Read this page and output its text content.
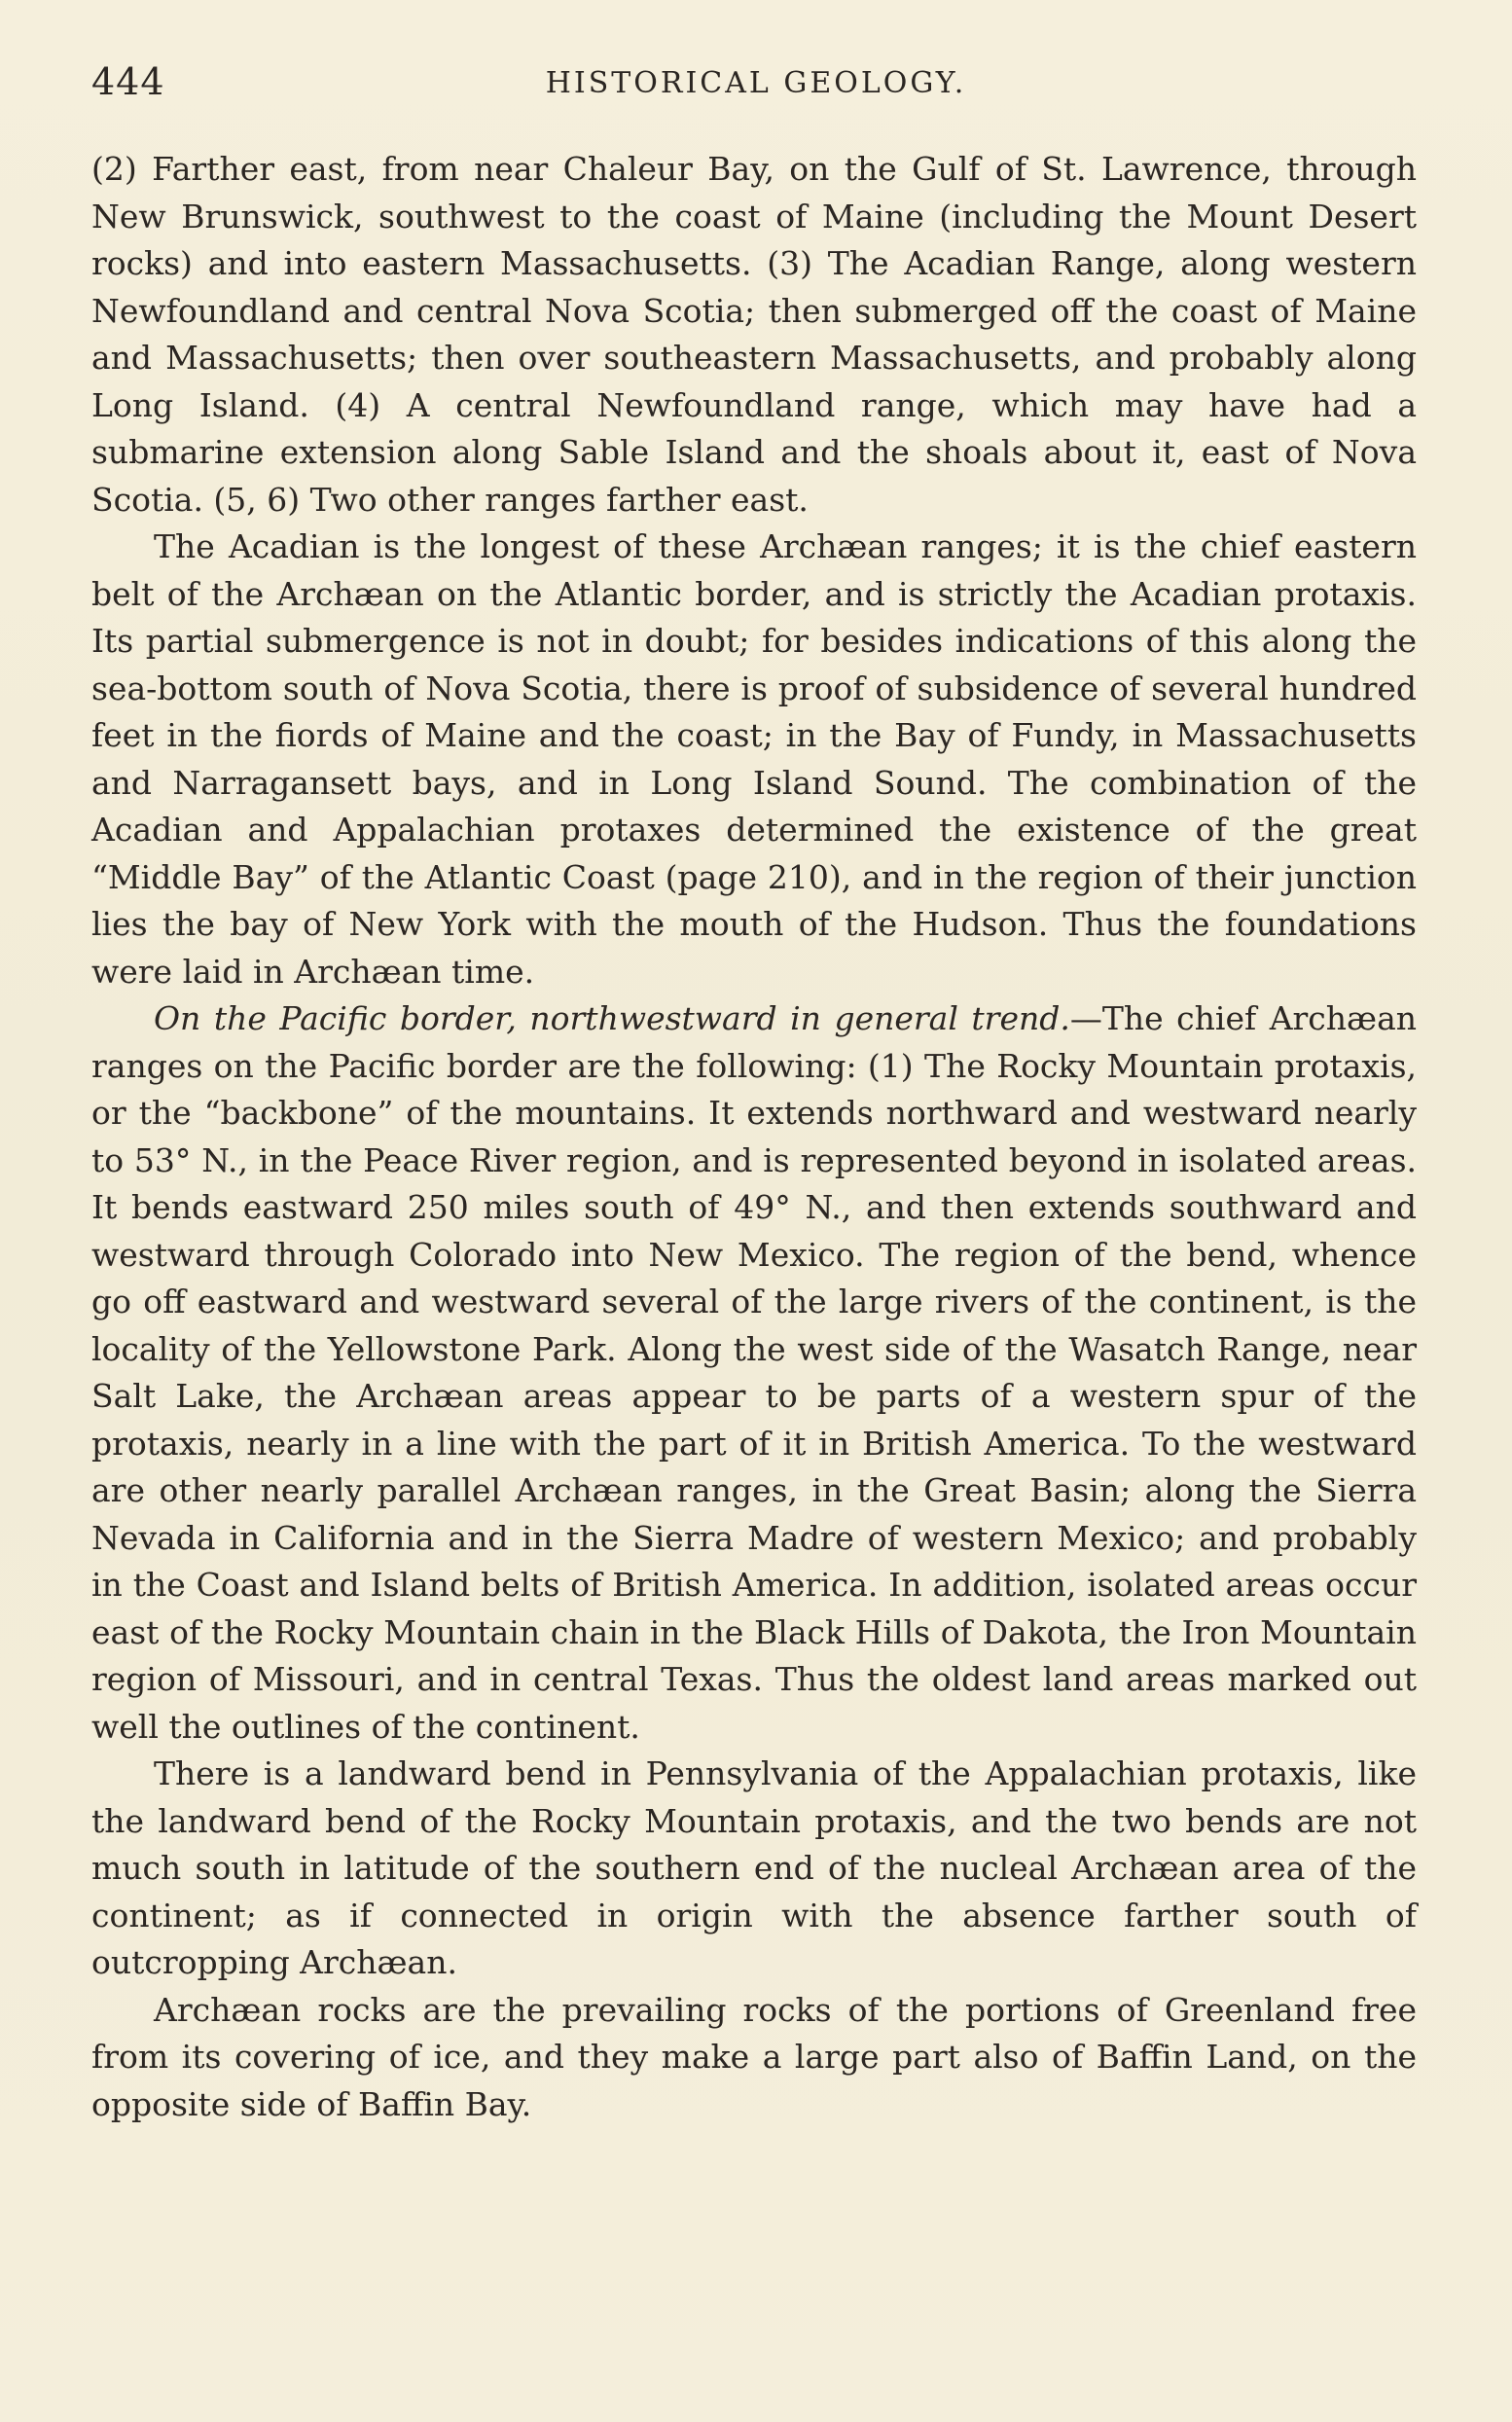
444	HISTORICAL GEOLOGY.

(2) Farther east, from near Chaleur Bay, on the Gulf of St. Lawrence, through New Brunswick, southwest to the coast of Maine (including the Mount Desert rocks) and into eastern Massachusetts. (3) The Acadian Range, along western Newfoundland and central Nova Scotia; then submerged off the coast of Maine and Massachusetts; then over southeastern Massachusetts, and probably along Long Island. (4) A central Newfoundland range, which may have had a submarine extension along Sable Island and the shoals about it, east of Nova Scotia. (5, 6) Two other ranges farther east.

The Acadian is the longest of these Archæan ranges; it is the chief eastern belt of the Archæan on the Atlantic border, and is strictly the Acadian protaxis. Its partial submergence is not in doubt; for besides indications of this along the sea-bottom south of Nova Scotia, there is proof of subsidence of several hundred feet in the fiords of Maine and the coast; in the Bay of Fundy, in Massachusetts and Narragansett bays, and in Long Island Sound. The combination of the Acadian and Appalachian protaxes determined the existence of the great “Middle Bay” of the Atlantic Coast (page 210), and in the region of their junction lies the bay of New York with the mouth of the Hudson. Thus the foundations were laid in Archæan time.

On the Pacific border, northwestward in general trend.—The chief Archæan ranges on the Pacific border are the following: (1) The Rocky Mountain protaxis, or the “backbone” of the mountains. It extends northward and westward nearly to 53° N., in the Peace River region, and is represented beyond in isolated areas. It bends eastward 250 miles south of 49° N., and then extends southward and westward through Colorado into New Mexico. The region of the bend, whence go off eastward and westward several of the large rivers of the continent, is the locality of the Yellowstone Park. Along the west side of the Wasatch Range, near Salt Lake, the Archæan areas appear to be parts of a western spur of the protaxis, nearly in a line with the part of it in British America. To the westward are other nearly parallel Archæan ranges, in the Great Basin; along the Sierra Nevada in California and in the Sierra Madre of western Mexico; and probably in the Coast and Island belts of British America. In addition, isolated areas occur east of the Rocky Mountain chain in the Black Hills of Dakota, the Iron Mountain region of Missouri, and in central Texas. Thus the oldest land areas marked out well the outlines of the continent.

There is a landward bend in Pennsylvania of the Appalachian protaxis, like the landward bend of the Rocky Mountain protaxis, and the two bends are not much south in latitude of the southern end of the nucleal Archæan area of the continent; as if connected in origin with the absence farther south of outcropping Archæan.

Archæan rocks are the prevailing rocks of the portions of Greenland free from its covering of ice, and they make a large part also of Baffin Land, on the opposite side of Baffin Bay.
